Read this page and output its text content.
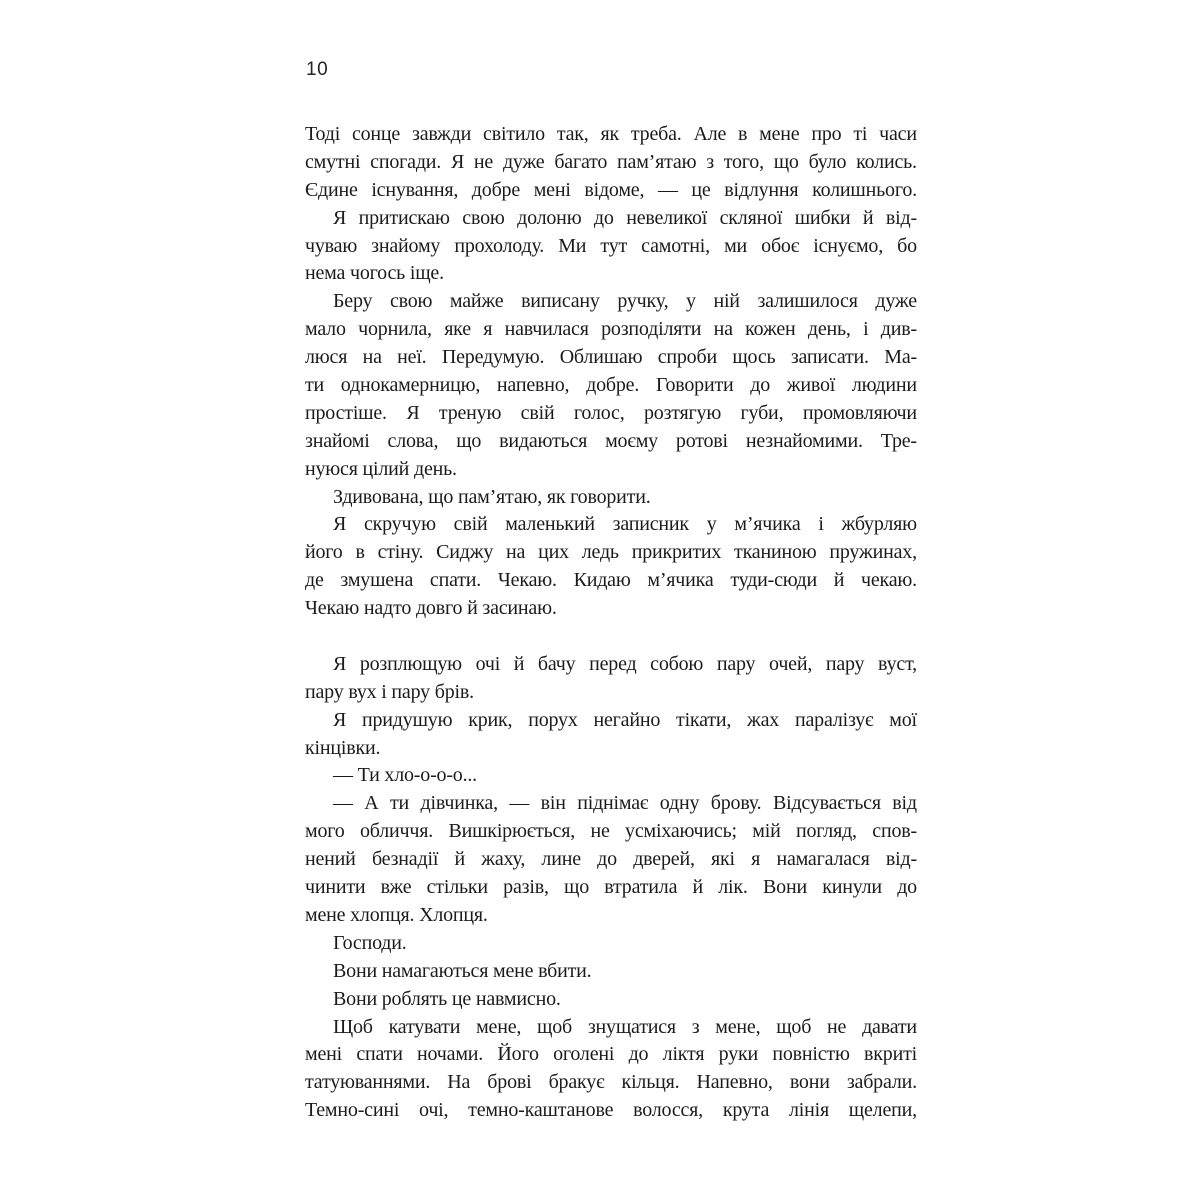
10
Тоді сонце завжди світило так, як треба. Але в мене про ті часи
смутні спогади. Я не дуже багато пам’ятаю з того, що було колись.
Єдине існування, добре мені відоме, — це відлуння колишнього.
Я притискаю свою долоню до невеликої скляної шибки й від-
чуваю знайому прохолоду. Ми тут самотні, ми обоє існуємо, бо
нема чогось іще.
Беру свою майже виписану ручку, у ній залишилося дуже
мало чорнила, яке я навчилася розподіляти на кожен день, і див-
люся на неї. Передумую. Облишаю спроби щось записати. Ма-
ти однокамерницю, напевно, добре. Говорити до живої людини
простіше. Я треную свій голос, розтягую губи, промовляючи
знайомі слова, що видаються моєму ротові незнайомими. Тре-
нуюся цілий день.
Здивована, що пам’ятаю, як говорити.
Я скручую свій маленький записник у м’ячика і жбурляю
його в стіну. Сиджу на цих ледь прикритих тканиною пружинах,
де змушена спати. Чекаю. Кидаю м’ячика туди-сюди й чекаю.
Чекаю надто довго й засинаю.
Я розплющую очі й бачу перед собою пару очей, пару вуст,
пару вух і пару брів.
Я придушую крик, порух негайно тікати, жах паралізує мої
кінцівки.
— Ти хло-о-о-о...
— А ти дівчинка, — він піднімає одну брову. Відсувається від
мого обличчя. Вишкірюється, не усміхаючись; мій погляд, спов-
нений безнадії й жаху, лине до дверей, які я намагалася від-
чинити вже стільки разів, що втратила й лік. Вони кинули до
мене хлопця. Хлопця.
Господи.
Вони намагаються мене вбити.
Вони роблять це навмисно.
Щоб катувати мене, щоб знущатися з мене, щоб не давати
мені спати ночами. Його оголені до ліктя руки повністю вкриті
татуюваннями. На брові бракує кільця. Напевно, вони забрали.
Темно-сині очі, темно-каштанове волосся, крута лінія щелепи,
